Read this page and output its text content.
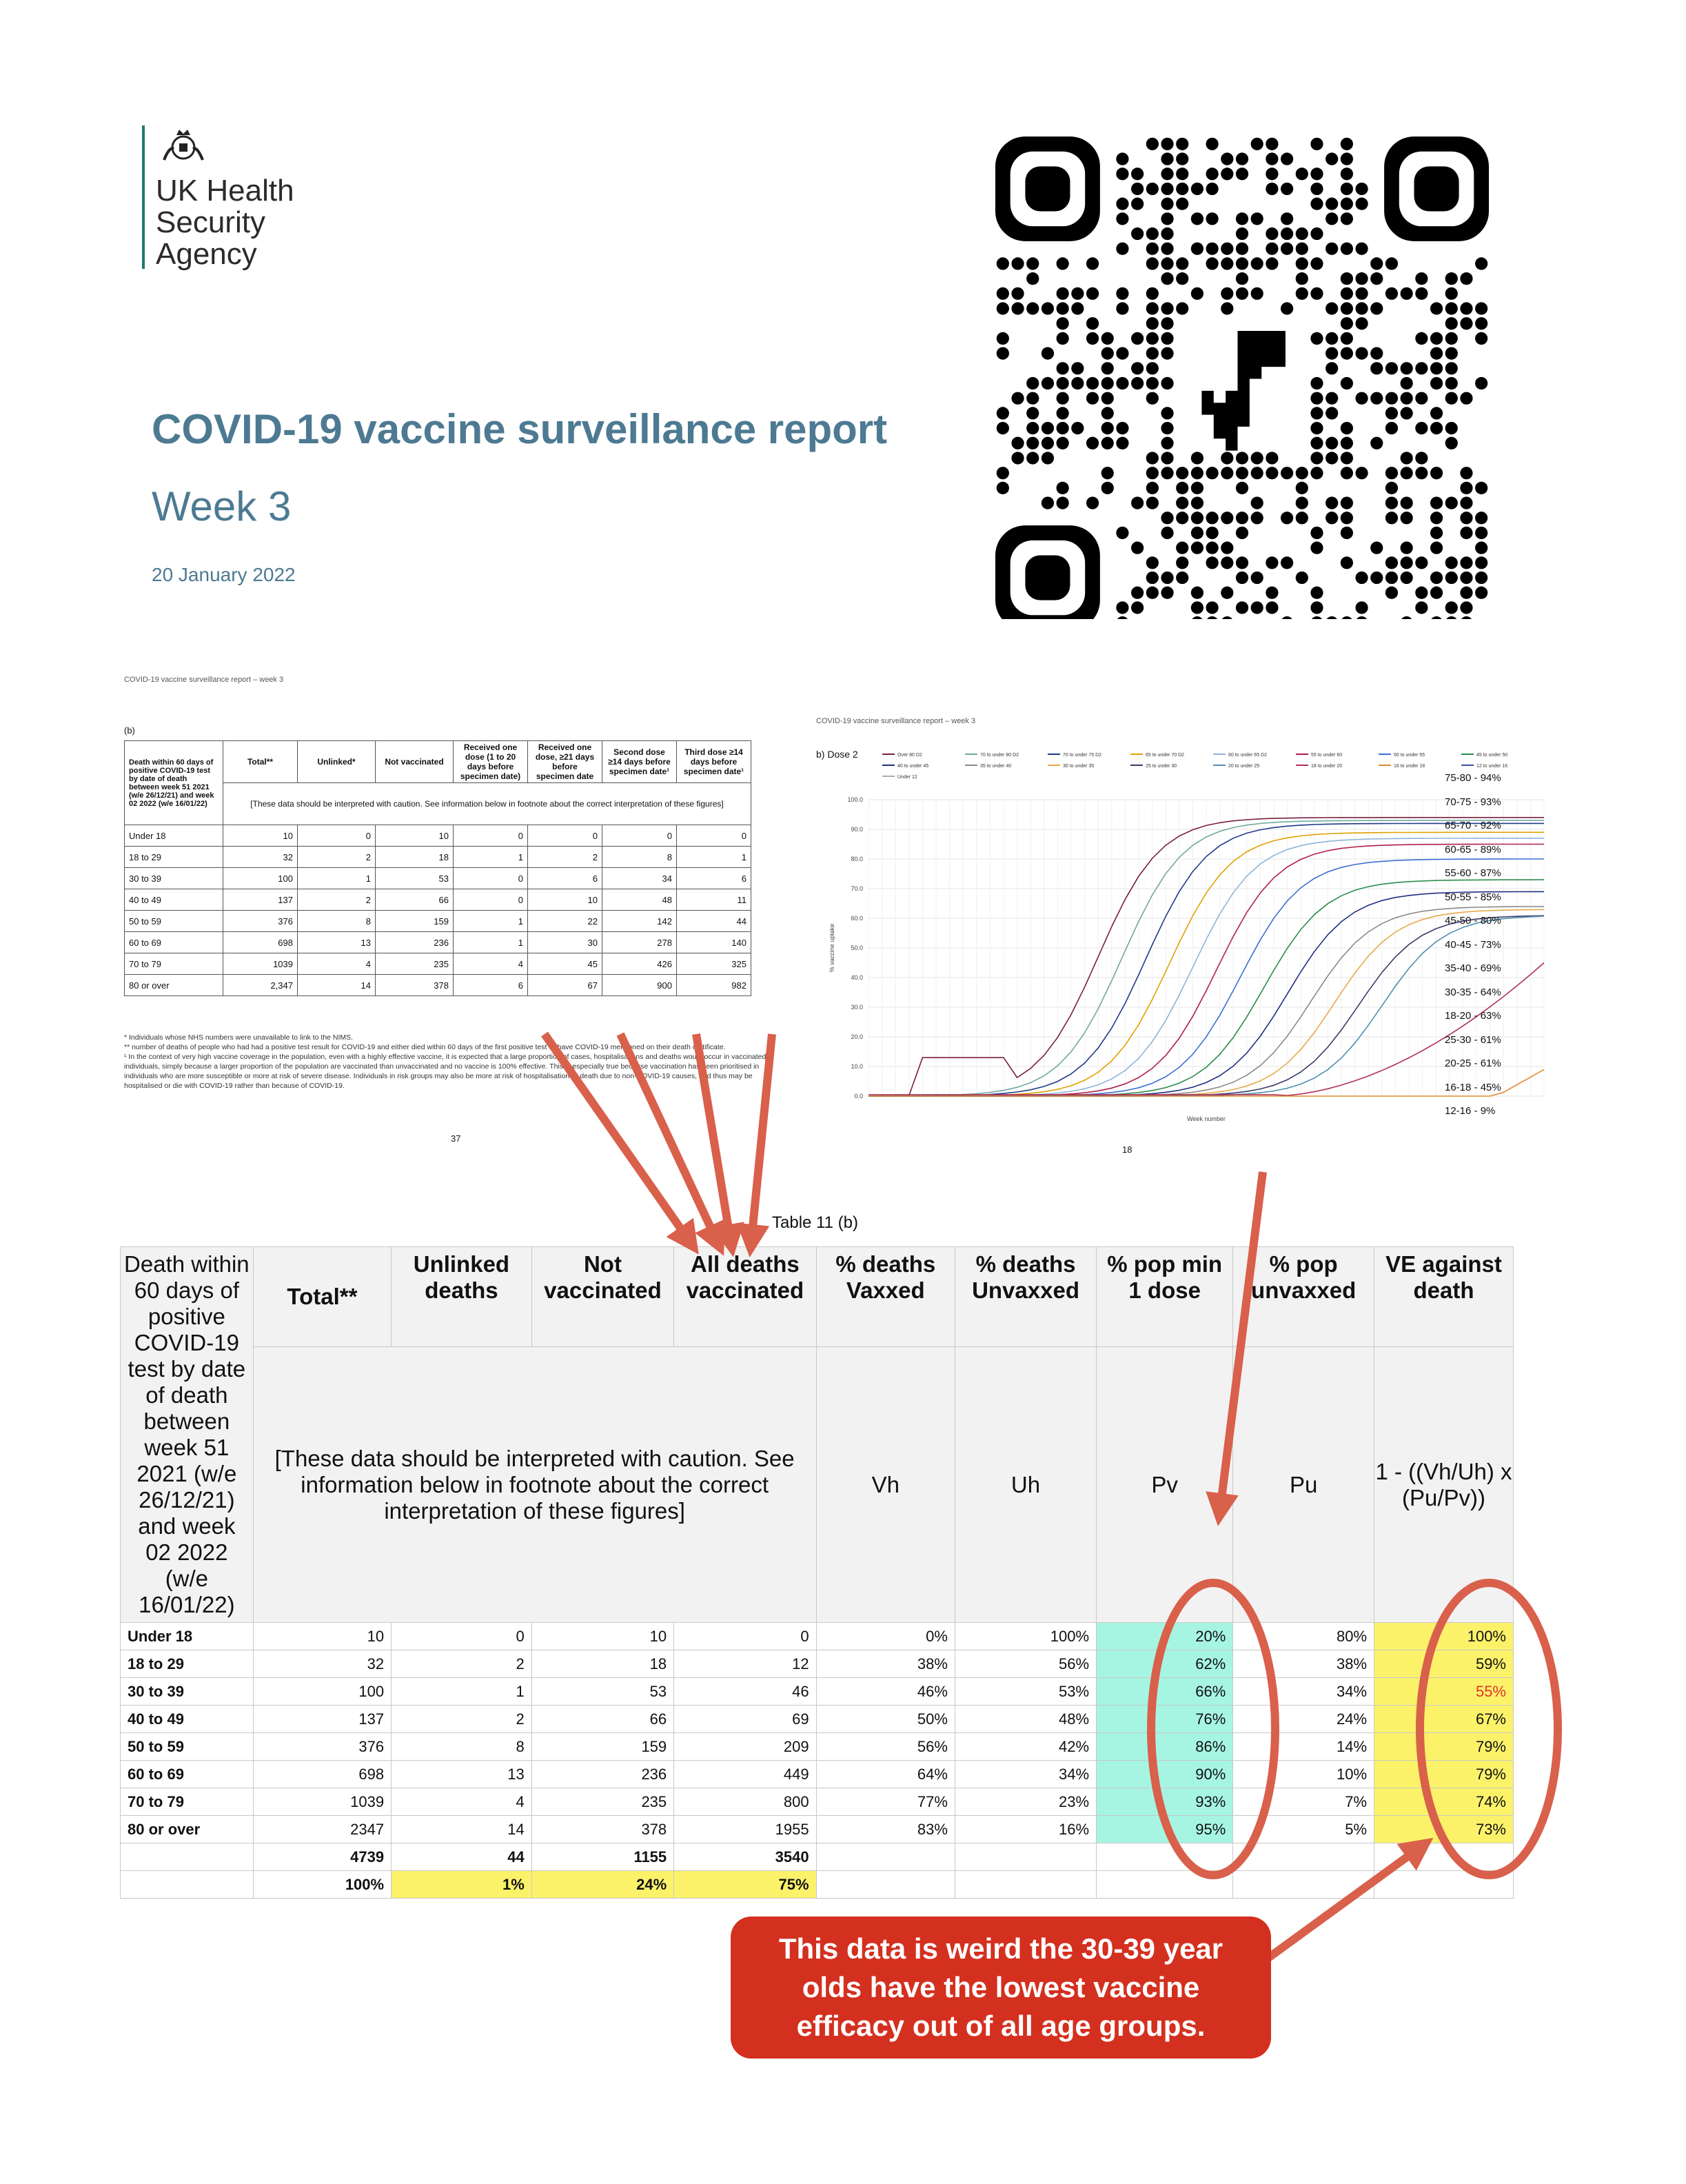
UK Health
Security
Agency
COVID-19 vaccine surveillance report
Week 3
20 January 2022
COVID-19 vaccine surveillance report – week 3
(b)
Death within 60 days of positive COVID-19 test by date of death between week 51 2021 (w/e 26/12/21) and week 02 2022 (w/e 16/01/22)	Total**	Unlinked*	Not vaccinated	Received one dose (1 to 20 days before specimen date)	Received one dose, ≥21 days before specimen date	Second dose ≥14 days before specimen date¹	Third dose ≥14 days before specimen date¹
	[These data should be interpreted with caution. See information below in footnote about the correct interpretation of these figures]						
Under 18	10	0	10	0	0	0	0
18 to 29	32	2	18	1	2	8	1
30 to 39	100	1	53	0	6	34	6
40 to 49	137	2	66	0	10	48	11
50 to 59	376	8	159	1	22	142	44
60 to 69	698	13	236	1	30	278	140
70 to 79	1039	4	235	4	45	426	325
80 or over	2,347	14	378	6	67	900	982
* Individuals whose NHS numbers were unavailable to link to the NIMS.
** number of deaths of people who had had a positive test result for COVID-19 and either died within 60 days of the first positive test or have COVID-19 mentioned on their death certificate.
¹ In the context of very high vaccine coverage in the population, even with a highly effective vaccine, it is expected that a large proportion of cases, hospitalisations and deaths would occur in vaccinated individuals, simply because a larger proportion of the population are vaccinated than unvaccinated and no vaccine is 100% effective. This is especially true because vaccination has been prioritised in individuals who are more susceptible or more at risk of severe disease. Individuals in risk groups may also be more at risk of hospitalisation or death due to non-COVID-19 causes, and thus may be hospitalised or die with COVID-19 rather than because of COVID-19.
37
COVID-19 vaccine surveillance report – week 3
b) Dose 2
0.0
10.0
20.0
30.0
40.0
50.0
60.0
70.0
80.0
90.0
100.0
Week number
% vaccine uptake
Over 80 D2	70 to under 80 D2	70 to under 75 D2	65 to under 70 D2	60 to under 65 D2	55 to under 60	50 to under 55	45 to under 50
40 to under 45	35 to under 40	30 to under 35	25 to under 30	20 to under 25	18 to under 20	16 to under 18	12 to under 16
Under 12	75-80 - 94%
70-75 - 93%
65-70 - 92%
60-65 - 89%
55-60 - 87%
50-55 - 85%
45-50 - 80%
40-45 - 73%
35-40 - 69%
30-35 - 64%
18-20 - 63%
25-30 - 61%
20-25 - 61%
16-18 - 45%
12-16 - 9%
18
Table 11 (b)
Death within 60 days of positive COVID-19 test by date of death between week 51 2021 (w/e 26/12/21) and week 02 2022 (w/e 16/01/22)	Total**	Unlinked deaths	Not vaccinated	All deaths vaccinated	% deaths Vaxxed	% deaths Unvaxxed	% pop min 1 dose	% pop unvaxxed	VE against death
	[These data should be interpreted with caution. See information below in footnote about the correct interpretation of these figures]				Vh	Uh	Pv	Pu	1 - ((Vh/Uh) x (Pu/Pv))
Under 18	10	0	10	0	0%	100%	20%	80%	100%
18 to 29	32	2	18	12	38%	56%	62%	38%	59%
30 to 39	100	1	53	46	46%	53%	66%	34%	55%
40 to 49	137	2	66	69	50%	48%	76%	24%	67%
50 to 59	376	8	159	209	56%	42%	86%	14%	79%
60 to 69	698	13	236	449	64%	34%	90%	10%	79%
70 to 79	1039	4	235	800	77%	23%	93%	7%	74%
80 or over	2347	14	378	1955	83%	16%	95%	5%	73%
	4739	44	1155	3540					
	100%	1%	24%	75%					
This data is weird the 30-39 year olds have the lowest vaccine efficacy out of all age groups.
